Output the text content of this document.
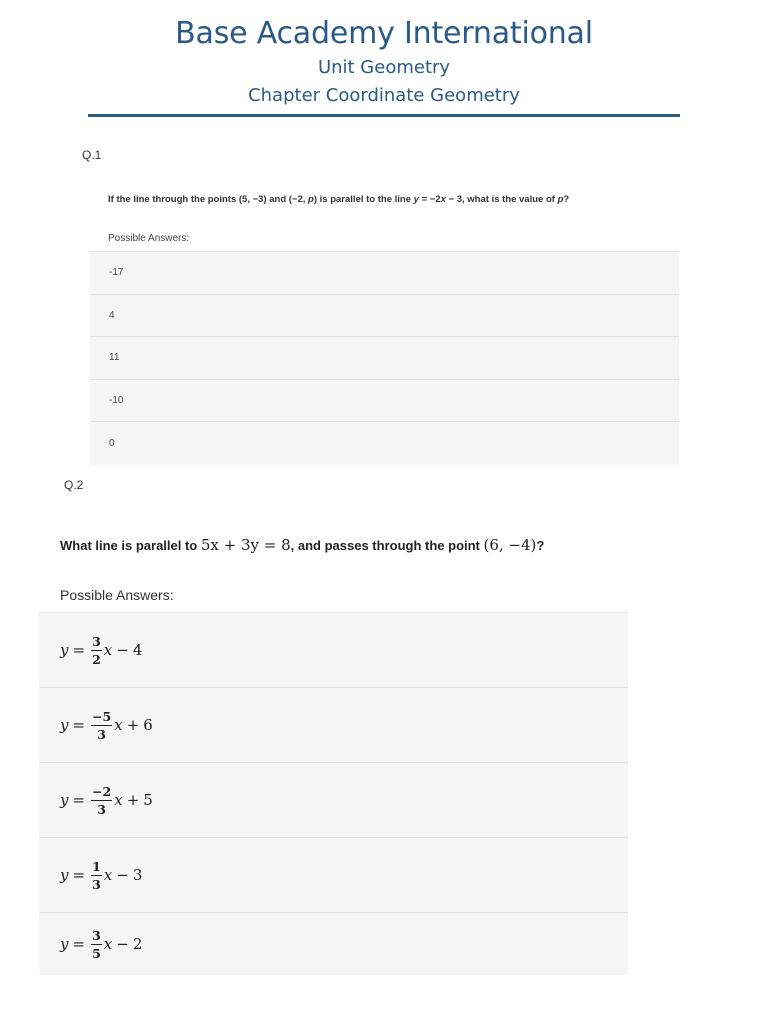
Base Academy International
Unit Geometry
Chapter Coordinate Geometry
Q.1
If the line through the points (5, −3) and (−2, p) is parallel to the line y = −2x − 3, what is the value of p?
Possible Answers:
-17
4
11
-10
0
Q.2
What line is parallel to 5x + 3y = 8, and passes through the point (6, −4)?
Possible Answers:
$y = \frac{3}{2}$ x − 4
$y = \frac{-5}{3}$ x + 6
$y = \frac{-2}{3}$ x + 5
$y = \frac{1}{3}$ x − 3
$y = \frac{3}{5}$ x − 2
